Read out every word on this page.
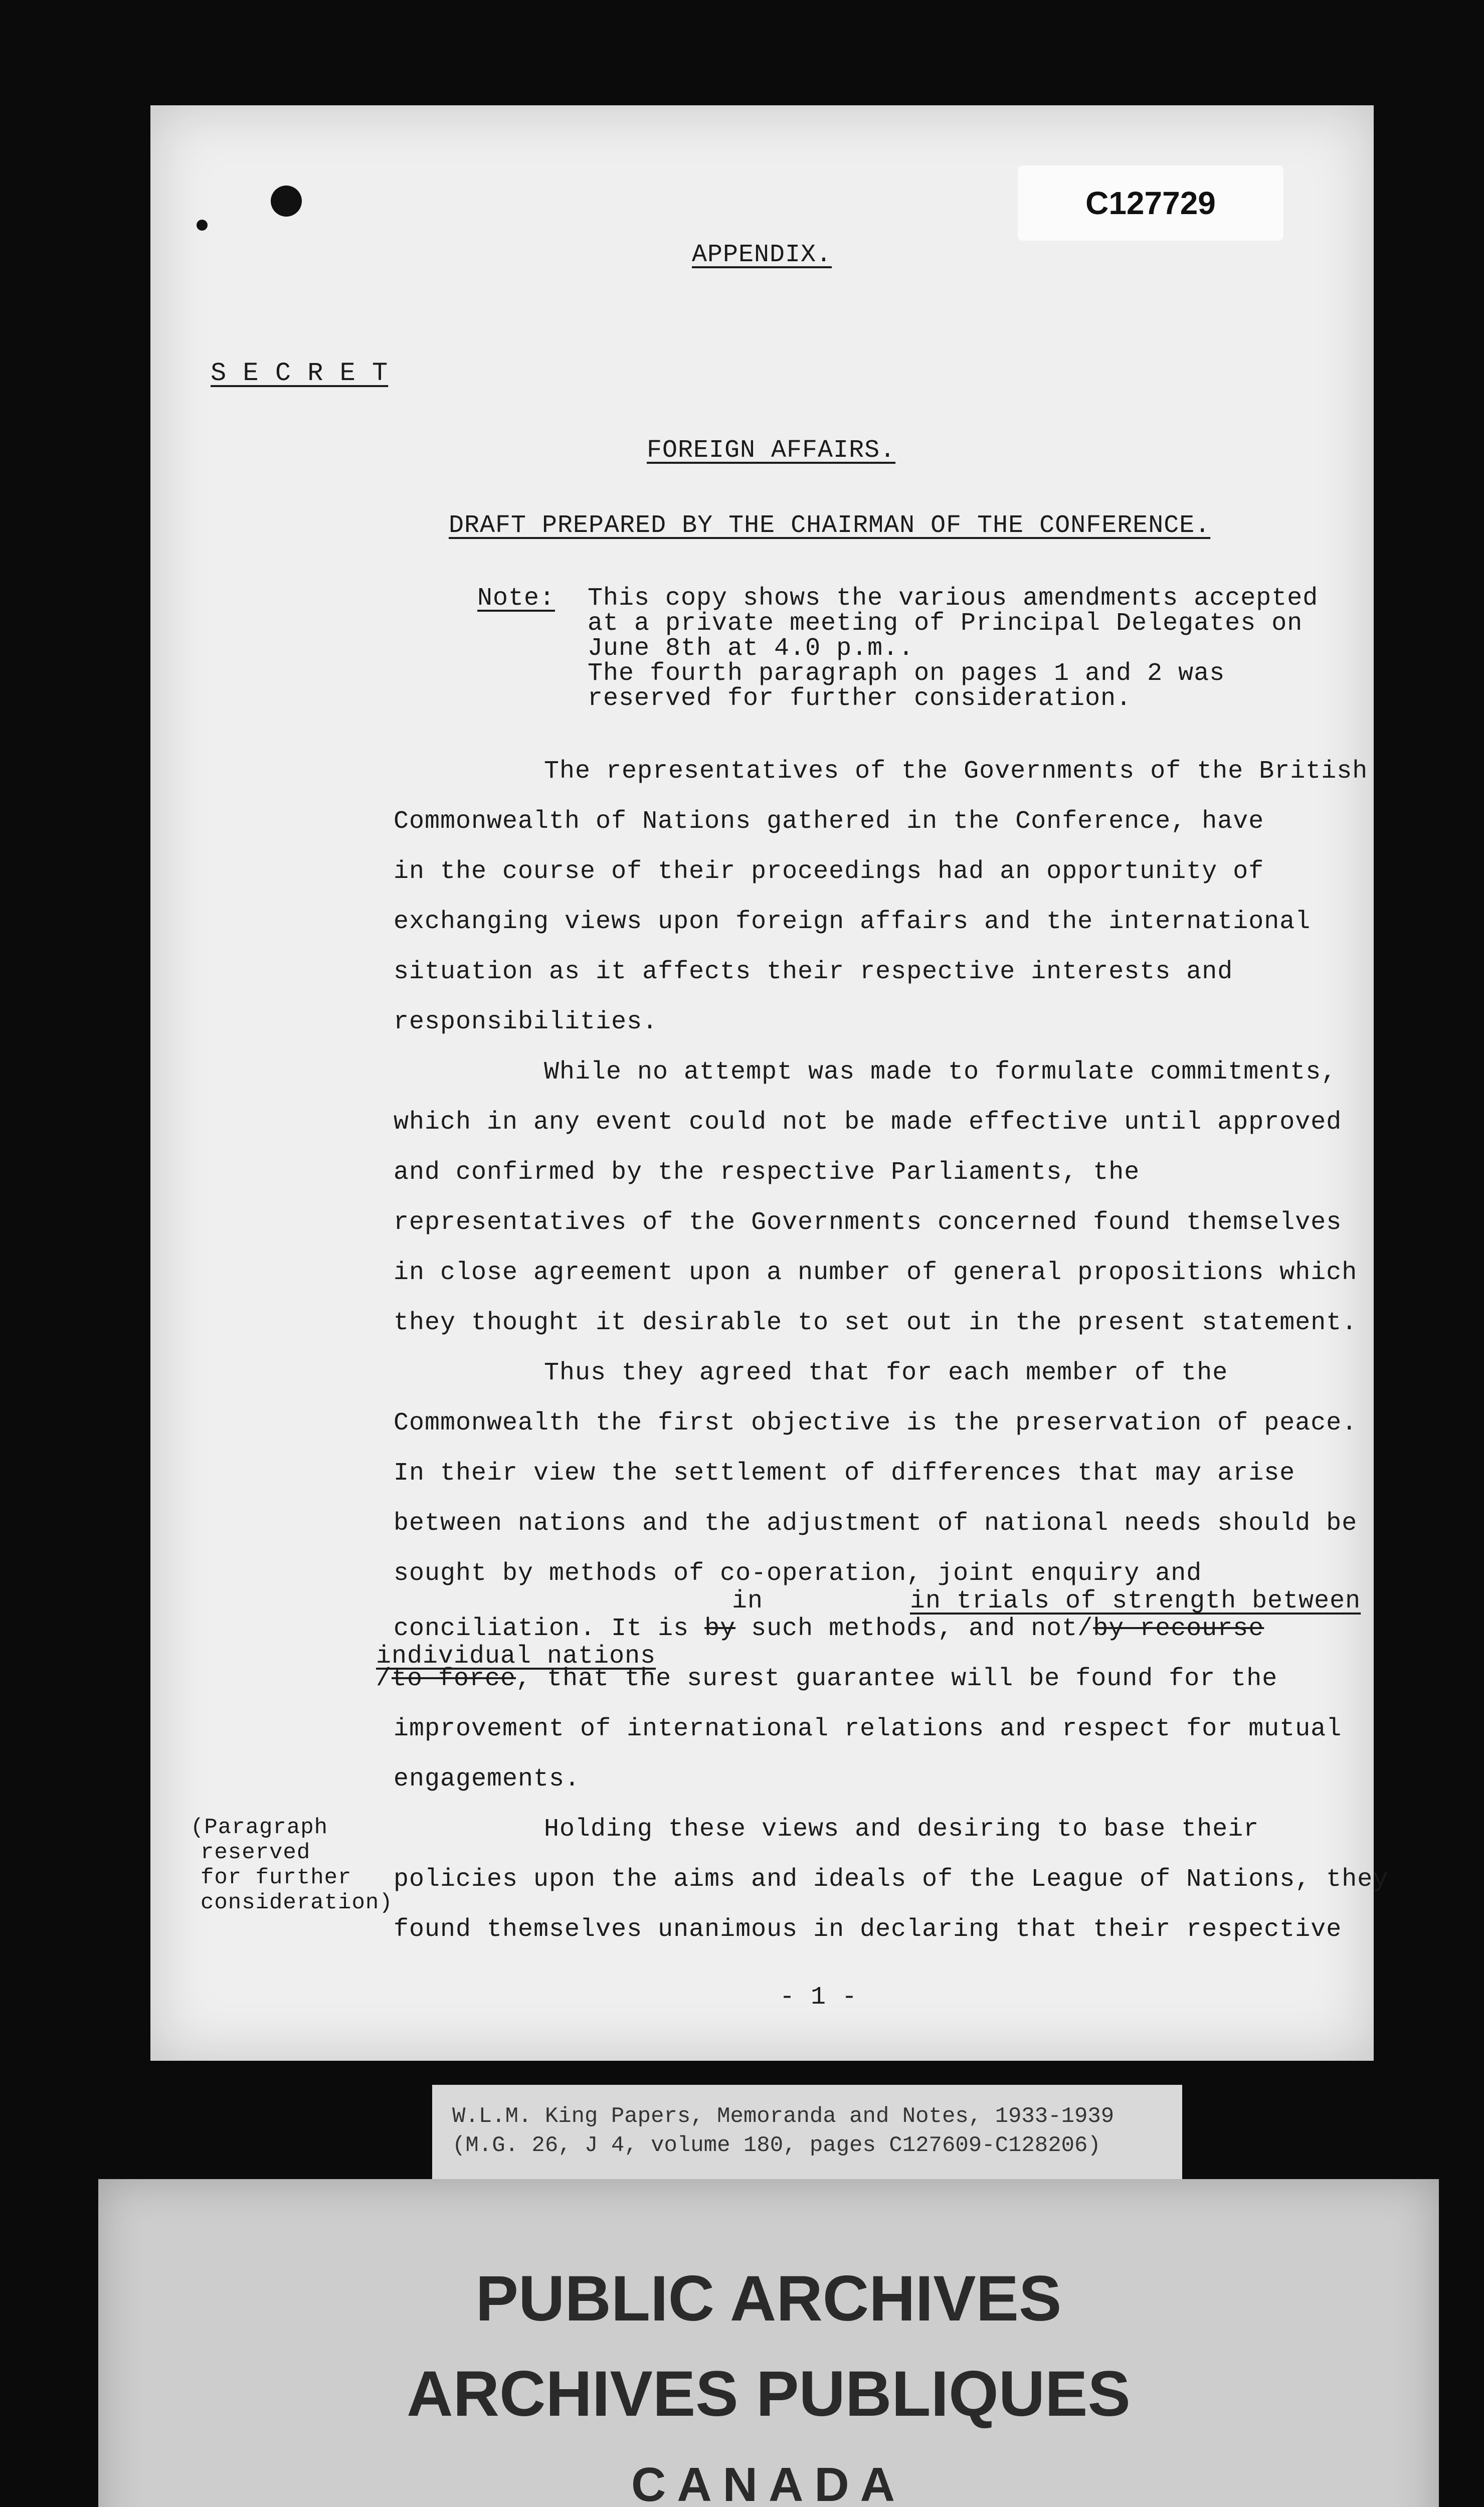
C127729
APPENDIX.
S E C R E T
FOREIGN AFFAIRS.
DRAFT PREPARED BY THE CHAIRMAN OF THE CONFERENCE.
Note: This copy shows the various amendments accepted
at a private meeting of Principal Delegates on
June 8th at 4.0 p.m..
The fourth paragraph on pages 1 and 2 was
reserved for further consideration.
The representatives of the Governments of the British
Commonwealth of Nations gathered in the Conference, have
in the course of their proceedings had an opportunity of
exchanging views upon foreign affairs and the international
situation as it affects their respective interests and
responsibilities.
While no attempt was made to formulate commitments,
which in any event could not be made effective until approved
and confirmed by the respective Parliaments, the
representatives of the Governments concerned found themselves
in close agreement upon a number of general propositions which
they thought it desirable to set out in the present statement.
Thus they agreed that for each member of the
Commonwealth the first objective is the preservation of peace.
In their view the settlement of differences that may arise
between nations and the adjustment of national needs should be
sought by methods of co-operation, joint enquiry and
in	in trials of strength between
conciliation. It is by such methods, and not/by recourse
individual nations
/to force, that the surest guarantee will be found for the
improvement of international relations and respect for mutual
engagements.
(Paragraph
reserved
for further
consideration)
Holding these views and desiring to base their
policies upon the aims and ideals of the League of Nations, they
found themselves unanimous in declaring that their respective
- 1 -
W.L.M. King Papers, Memoranda and Notes, 1933-1939
(M.G. 26, J 4, volume 180, pages C127609-C128206)
PUBLIC ARCHIVES
ARCHIVES PUBLIQUES
CANADA
